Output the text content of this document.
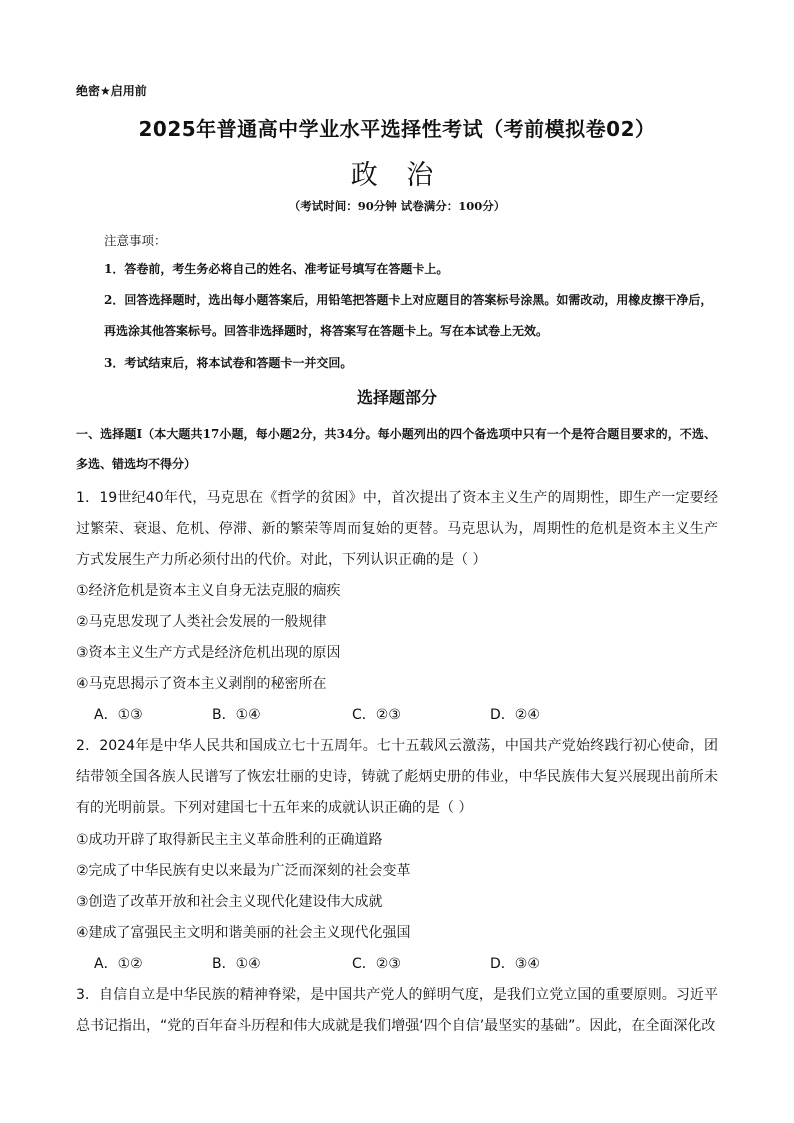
绝密★启用前
2025年普通高中学业水平选择性考试（考前模拟卷02）
政 治
（考试时间：90分钟 试卷满分：100分）
注意事项：
1．答卷前，考生务必将自己的姓名、准考证号填写在答题卡上。
2．回答选择题时，选出每小题答案后，用铅笔把答题卡上对应题目的答案标号涂黑。如需改动，用橡皮擦干净后，再选涂其他答案标号。回答非选择题时，将答案写在答题卡上。写在本试卷上无效。
3．考试结束后，将本试卷和答题卡一并交回。
选择题部分
一、选择题Ⅰ（本大题共17小题，每小题2分，共34分。每小题列出的四个备选项中只有一个是符合题目要求的，不选、多选、错选均不得分）
1．19世纪40年代，马克思在《哲学的贫困》中，首次提出了资本主义生产的周期性，即生产一定要经过繁荣、衰退、危机、停滞、新的繁荣等周而复始的更替。马克思认为，周期性的危机是资本主义生产方式发展生产力所必须付出的代价。对此，下列认识正确的是（ ）
①经济危机是资本主义自身无法克服的痼疾
②马克思发现了人类社会发展的一般规律
③资本主义生产方式是经济危机出现的原因
④马克思揭示了资本主义剥削的秘密所在
A．①③	B．①④	C．②③	D．②④
2．2024年是中华人民共和国成立七十五周年。七十五载风云激荡，中国共产党始终践行初心使命，团结带领全国各族人民谱写了恢宏壮丽的史诗，铸就了彪炳史册的伟业，中华民族伟大复兴展现出前所未有的光明前景。下列对建国七十五年来的成就认识正确的是（ ）
①成功开辟了取得新民主主义革命胜利的正确道路
②完成了中华民族有史以来最为广泛而深刻的社会变革
③创造了改革开放和社会主义现代化建设伟大成就
④建成了富强民主文明和谐美丽的社会主义现代化强国
A．①②	B．①④	C．②③	D．③④
3．自信自立是中华民族的精神脊梁，是中国共产党人的鲜明气度，是我们立党立国的重要原则。习近平总书记指出，“党的百年奋斗历程和伟大成就是我们增强‘四个自信’最坚实的基础”。因此，在全面深化改
